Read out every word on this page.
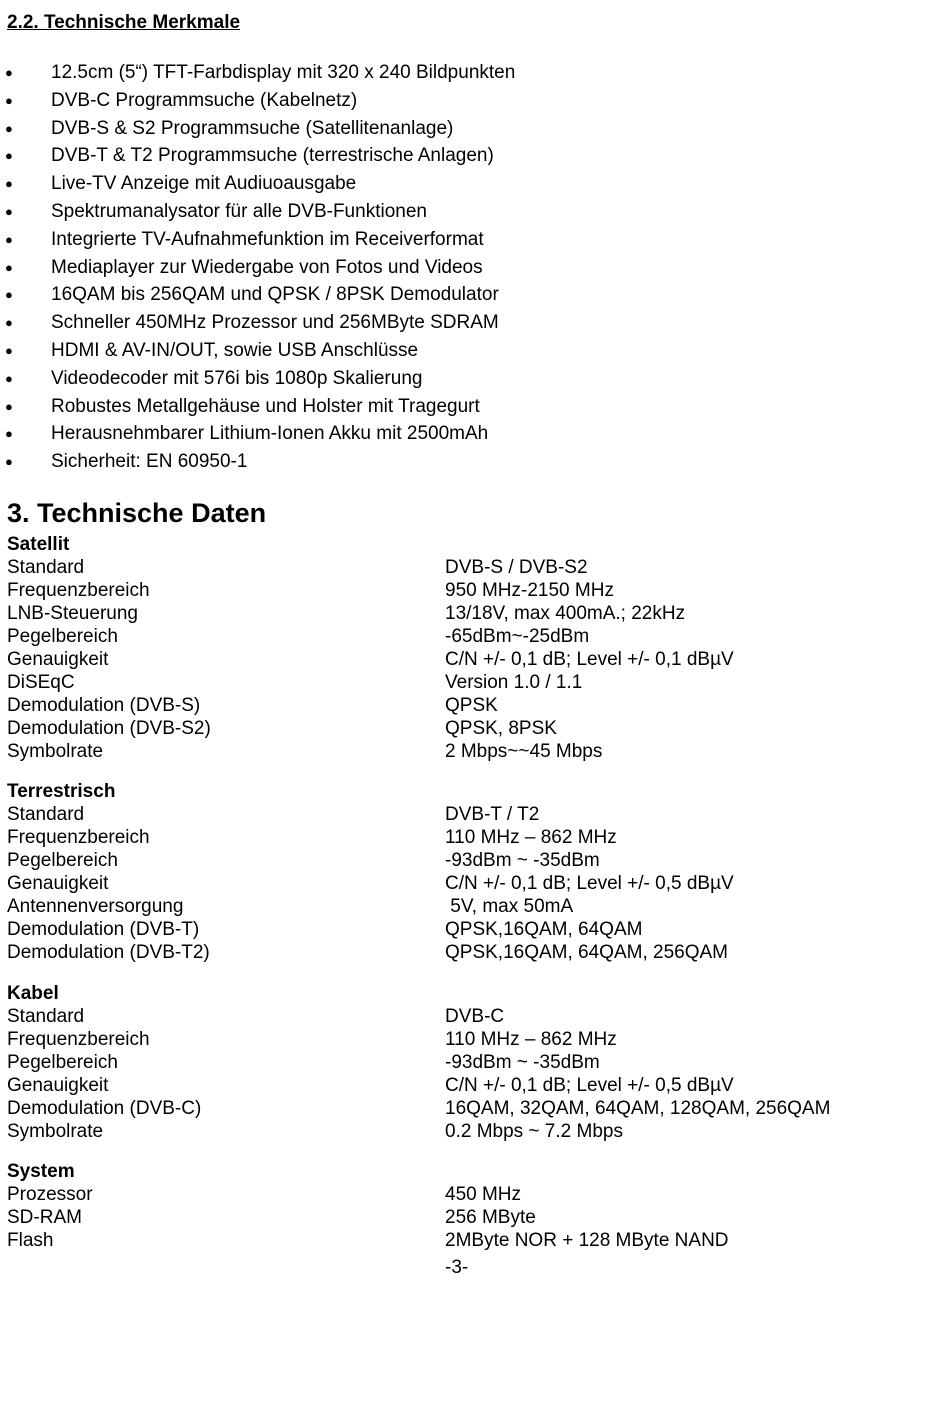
2.2. Technische Merkmale
● 12.5cm (5“) TFT-Farbdisplay mit 320 x 240 Bildpunkten
● DVB-C Programmsuche (Kabelnetz)
● DVB-S & S2 Programmsuche (Satellitenanlage)
● DVB-T & T2 Programmsuche (terrestrische Anlagen)
● Live-TV Anzeige mit Audiuoausgabe
● Spektrumanalysator für alle DVB-Funktionen
● Integrierte TV-Aufnahmefunktion im Receiverformat
● Mediaplayer zur Wiedergabe von Fotos und Videos
● 16QAM bis 256QAM und QPSK / 8PSK Demodulator
● Schneller 450MHz Prozessor und 256MByte SDRAM
● HDMI & AV-IN/OUT, sowie USB Anschlüsse
● Videodecoder mit 576i bis 1080p Skalierung
● Robustes Metallgehäuse und Holster mit Tragegurt
● Herausnehmbarer Lithium-Ionen Akku mit 2500mAh
● Sicherheit: EN 60950-1
3. Technische Daten
Satellit
Standard	DVB-S / DVB-S2
Frequenzbereich	950 MHz-2150 MHz
LNB-Steuerung	13/18V, max 400mA.; 22kHz
Pegelbereich	-65dBm~-25dBm
Genauigkeit	C/N +/- 0,1 dB; Level +/- 0,1 dBµV
DiSEqC	Version 1.0 / 1.1
Demodulation (DVB-S)	QPSK
Demodulation (DVB-S2)	QPSK, 8PSK
Symbolrate	2 Mbps~~45 Mbps
Terrestrisch
Standard	DVB-T / T2
Frequenzbereich	110 MHz – 862 MHz
Pegelbereich	-93dBm ~ -35dBm
Genauigkeit	C/N +/- 0,1 dB; Level +/- 0,5 dBµV
Antennenversorgung	5V, max 50mA
Demodulation (DVB-T)	QPSK,16QAM, 64QAM
Demodulation (DVB-T2)	QPSK,16QAM, 64QAM, 256QAM
Kabel
Standard	DVB-C
Frequenzbereich	110 MHz – 862 MHz
Pegelbereich	-93dBm ~ -35dBm
Genauigkeit	C/N +/- 0,1 dB; Level +/- 0,5 dBµV
Demodulation (DVB-C)	16QAM, 32QAM, 64QAM, 128QAM, 256QAM
Symbolrate	0.2 Mbps ~ 7.2 Mbps
System
Prozessor	450 MHz
SD-RAM	256 MByte
Flash	2MByte NOR + 128 MByte NAND
-3-
